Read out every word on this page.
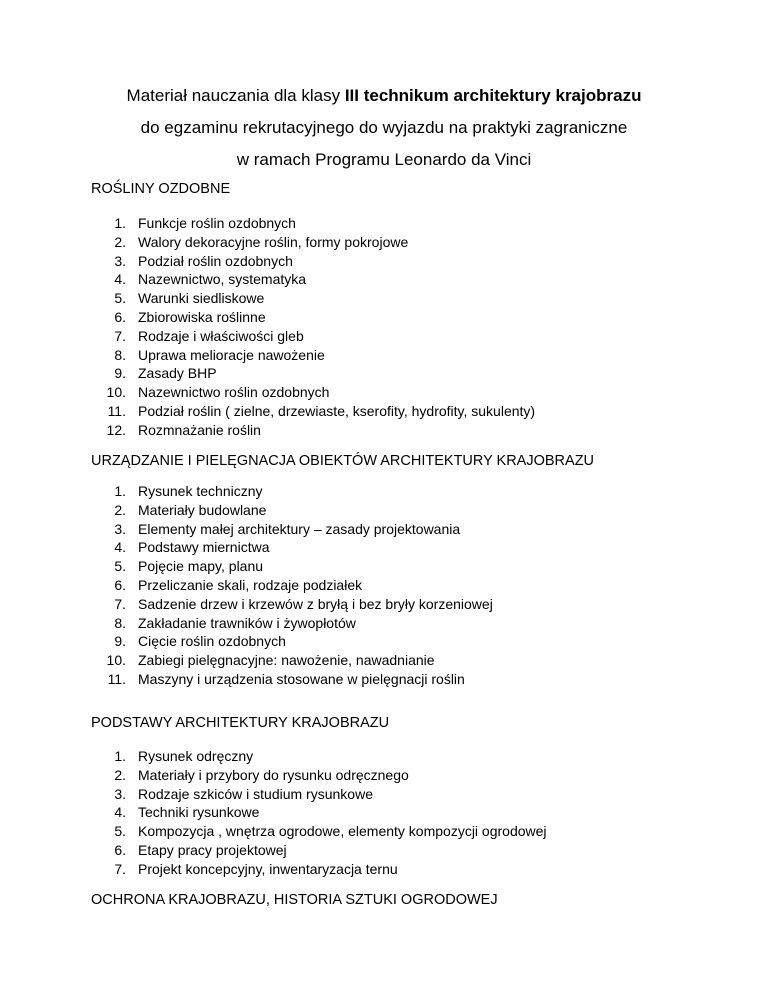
Materiał nauczania dla klasy III technikum architektury krajobrazu
do egzaminu rekrutacyjnego do wyjazdu na praktyki zagraniczne
w ramach Programu Leonardo da Vinci
ROŚLINY OZDOBNE
1. Funkcje roślin ozdobnych
2. Walory dekoracyjne roślin, formy pokrojowe
3. Podział roślin ozdobnych
4. Nazewnictwo, systematyka
5. Warunki siedliskowe
6. Zbiorowiska roślinne
7. Rodzaje i właściwości gleb
8. Uprawa melioracje nawożenie
9. Zasady BHP
10. Nazewnictwo roślin ozdobnych
11. Podział roślin ( zielne, drzewiaste, kserofity, hydrofity, sukulenty)
12. Rozmnażanie roślin
URZĄDZANIE I PIELĘGNACJA OBIEKTÓW ARCHITEKTURY KRAJOBRAZU
1. Rysunek techniczny
2. Materiały budowlane
3. Elementy małej architektury – zasady projektowania
4. Podstawy miernictwa
5. Pojęcie mapy, planu
6. Przeliczanie skali, rodzaje podziałek
7. Sadzenie drzew i krzewów z bryłą i bez bryły korzeniowej
8. Zakładanie trawników i żywopłotów
9. Cięcie roślin ozdobnych
10. Zabiegi pielęgnacyjne: nawożenie, nawadnianie
11. Maszyny i urządzenia stosowane w pielęgnacji roślin
PODSTAWY ARCHITEKTURY KRAJOBRAZU
1. Rysunek odręczny
2. Materiały i przybory do rysunku odręcznego
3. Rodzaje szkiców i studium rysunkowe
4. Techniki rysunkowe
5. Kompozycja , wnętrza ogrodowe, elementy kompozycji ogrodowej
6. Etapy pracy projektowej
7. Projekt koncepcyjny, inwentaryzacja ternu
OCHRONA KRAJOBRAZU, HISTORIA SZTUKI OGRODOWEJ
